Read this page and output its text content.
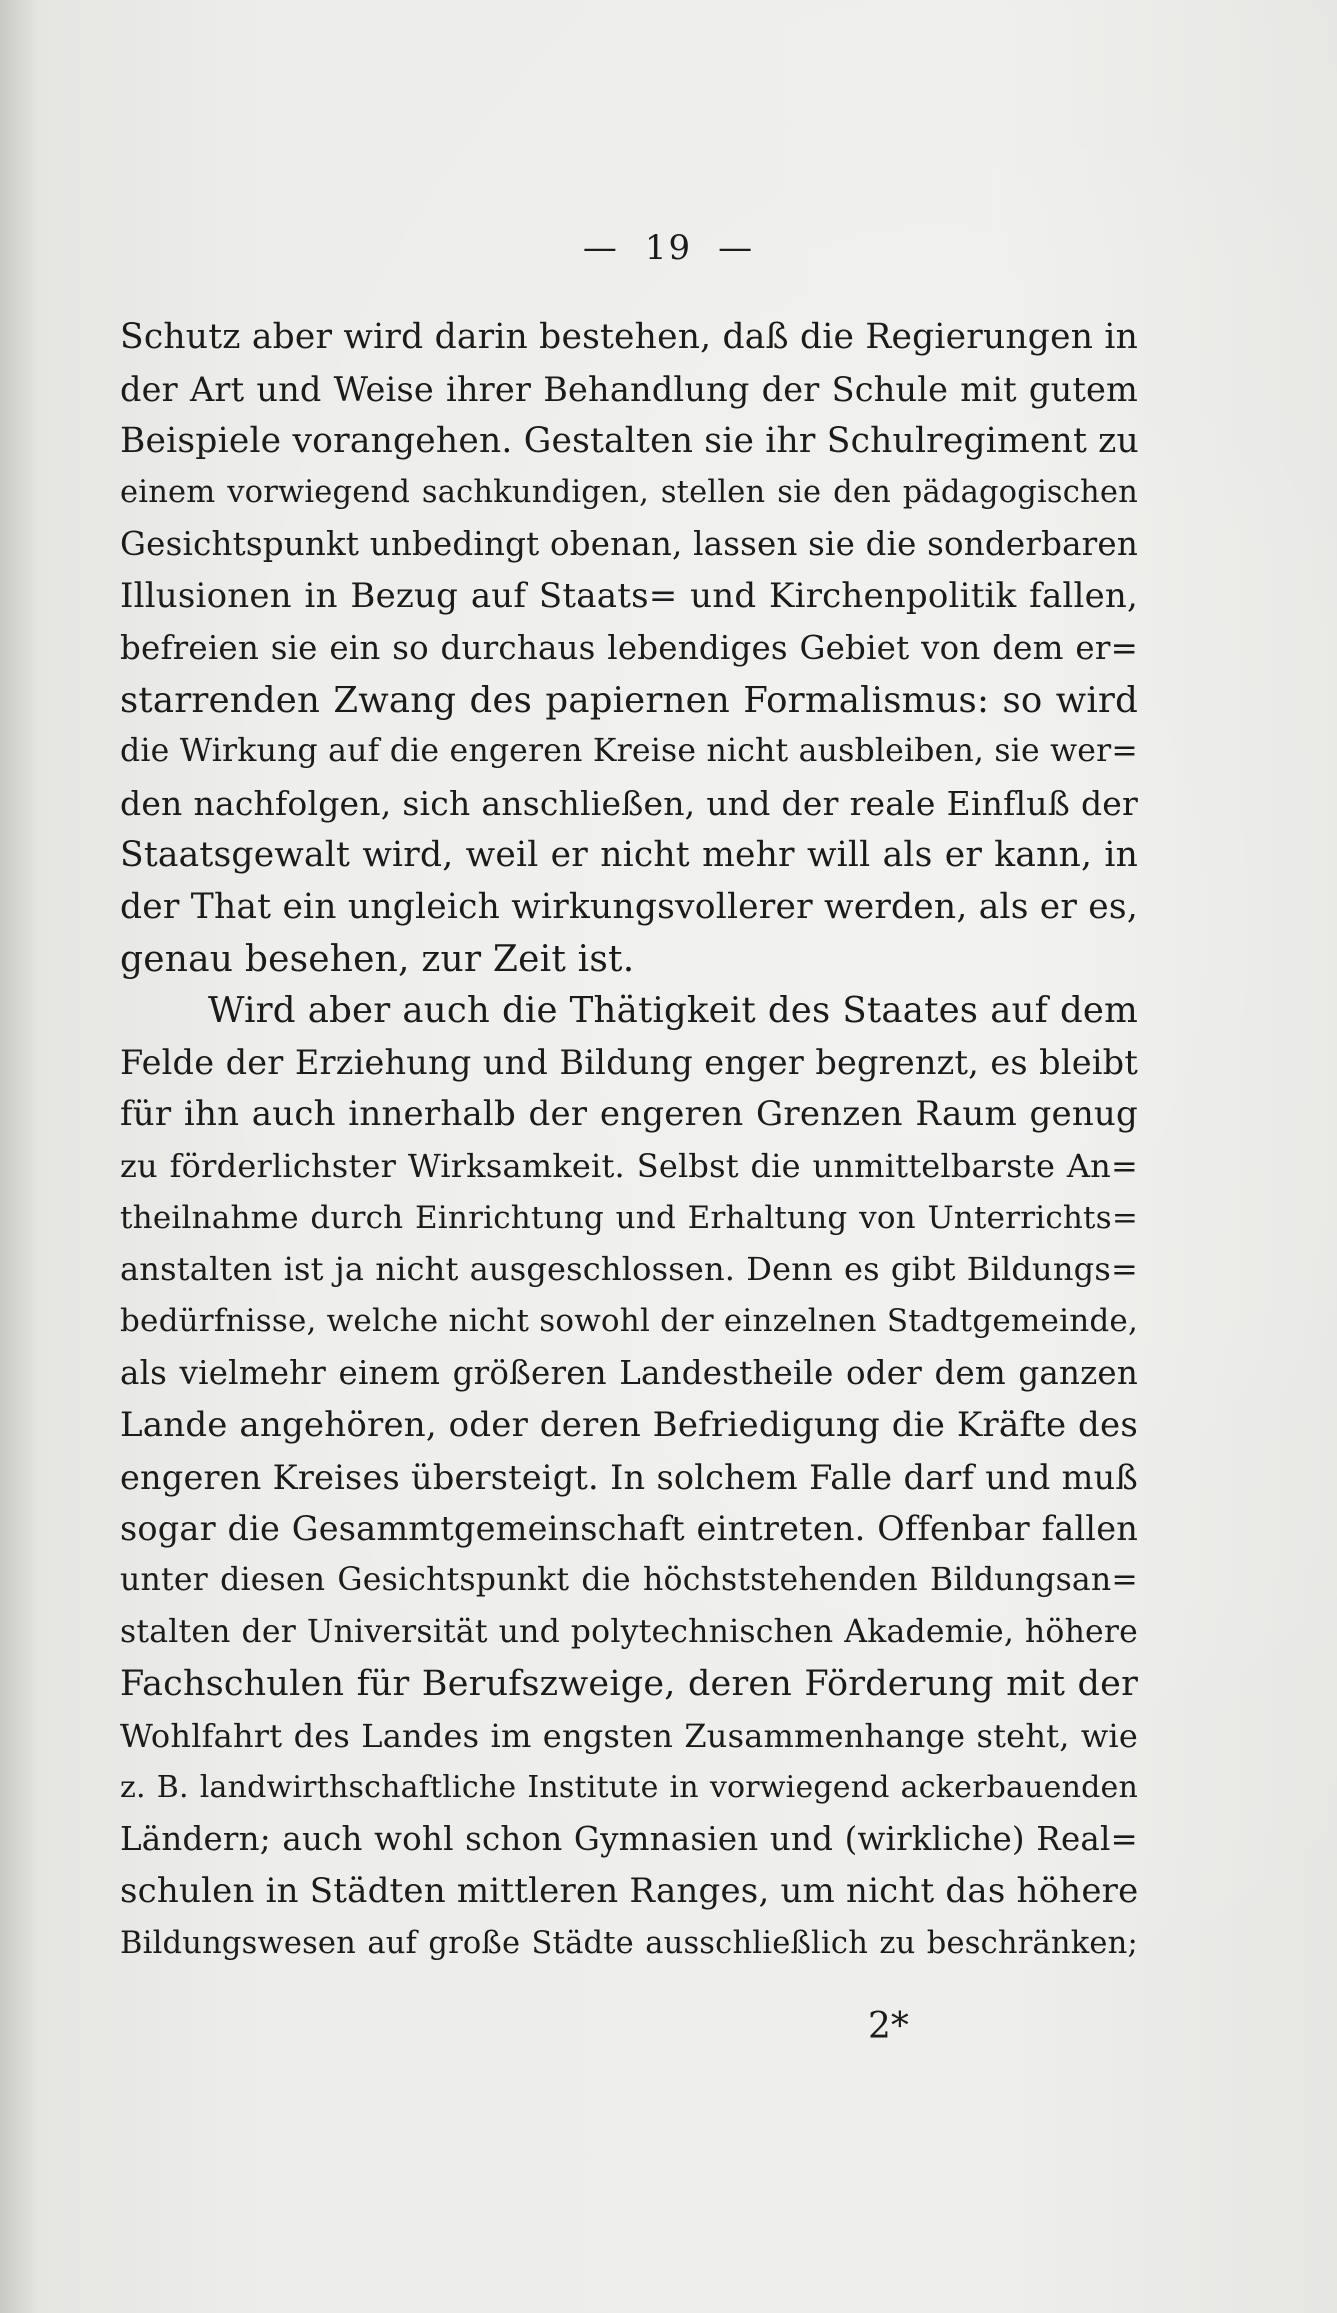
— 19 —
Schutz aber wird darin bestehen, daß die Regierungen in
der Art und Weise ihrer Behandlung der Schule mit gutem
Beispiele vorangehen. Gestalten sie ihr Schulregiment zu
einem vorwiegend sachkundigen, stellen sie den pädagogischen
Gesichtspunkt unbedingt obenan, lassen sie die sonderbaren
Illusionen in Bezug auf Staats= und Kirchenpolitik fallen,
befreien sie ein so durchaus lebendiges Gebiet von dem er=
starrenden Zwang des papiernen Formalismus: so wird
die Wirkung auf die engeren Kreise nicht ausbleiben, sie wer=
den nachfolgen, sich anschließen, und der reale Einfluß der
Staatsgewalt wird, weil er nicht mehr will als er kann, in
der That ein ungleich wirkungsvollerer werden, als er es,
genau besehen, zur Zeit ist.
Wird aber auch die Thätigkeit des Staates auf dem
Felde der Erziehung und Bildung enger begrenzt, es bleibt
für ihn auch innerhalb der engeren Grenzen Raum genug
zu förderlichster Wirksamkeit. Selbst die unmittelbarste An=
theilnahme durch Einrichtung und Erhaltung von Unterrichts=
anstalten ist ja nicht ausgeschlossen. Denn es gibt Bildungs=
bedürfnisse, welche nicht sowohl der einzelnen Stadtgemeinde,
als vielmehr einem größeren Landestheile oder dem ganzen
Lande angehören, oder deren Befriedigung die Kräfte des
engeren Kreises übersteigt. In solchem Falle darf und muß
sogar die Gesammtgemeinschaft eintreten. Offenbar fallen
unter diesen Gesichtspunkt die höchststehenden Bildungsan=
stalten der Universität und polytechnischen Akademie, höhere
Fachschulen für Berufszweige, deren Förderung mit der
Wohlfahrt des Landes im engsten Zusammenhange steht, wie
z. B. landwirthschaftliche Institute in vorwiegend ackerbauenden
Ländern; auch wohl schon Gymnasien und (wirkliche) Real=
schulen in Städten mittleren Ranges, um nicht das höhere
Bildungswesen auf große Städte ausschließlich zu beschränken;
2*
